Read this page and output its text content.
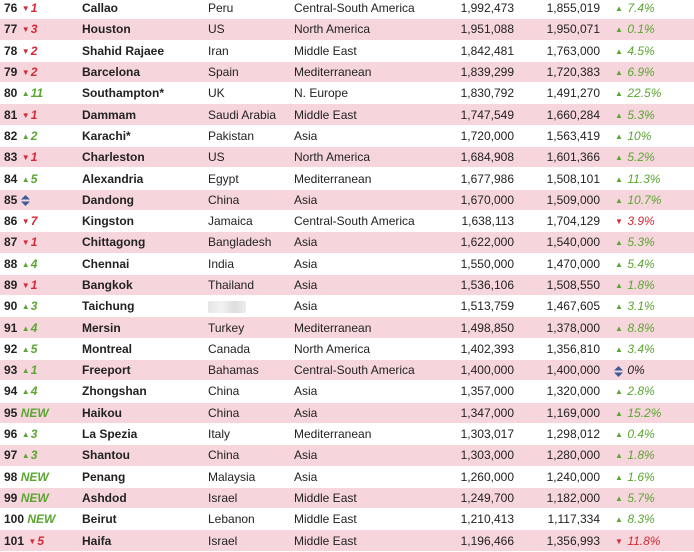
76 ▼1	Callao	Peru	Central-South America	1,992,473	1,855,019	▲ 7.4%
77 ▼3	Houston	US	North America	1,951,088	1,950,071	▲ 0.1%
78 ▼2	Shahid Rajaee	Iran	Middle East	1,842,481	1,763,000	▲ 4.5%
79 ▼2	Barcelona	Spain	Mediterranean	1,839,299	1,720,383	▲ 6.9%
80 ▲11	Southampton*	UK	N. Europe	1,830,792	1,491,270	▲ 22.5%
81 ▼1	Dammam	Saudi Arabia	Middle East	1,747,549	1,660,284	▲ 5.3%
82 ▲2	Karachi*	Pakistan	Asia	1,720,000	1,563,419	▲ 10%
83 ▼1	Charleston	US	North America	1,684,908	1,601,366	▲ 5.2%
84 ▲5	Alexandria	Egypt	Mediterranean	1,677,986	1,508,101	▲ 11.3%
85	Dandong	China	Asia	1,670,000	1,509,000	▲ 10.7%
86 ▼7	Kingston	Jamaica	Central-South America	1,638,113	1,704,129	▼ 3.9%
87 ▼1	Chittagong	Bangladesh	Asia	1,622,000	1,540,000	▲ 5.3%
88 ▲4	Chennai	India	Asia	1,550,000	1,470,000	▲ 5.4%
89 ▼1	Bangkok	Thailand	Asia	1,536,106	1,508,550	▲ 1.8%
90 ▲3	Taichung		Asia	1,513,759	1,467,605	▲ 3.1%
91 ▲4	Mersin	Turkey	Mediterranean	1,498,850	1,378,000	▲ 8.8%
92 ▲5	Montreal	Canada	North America	1,402,393	1,356,810	▲ 3.4%
93 ▲1	Freeport	Bahamas	Central-South America	1,400,000	1,400,000	0%
94 ▲4	Zhongshan	China	Asia	1,357,000	1,320,000	▲ 2.8%
95 NEW	Haikou	China	Asia	1,347,000	1,169,000	▲ 15.2%
96 ▲3	La Spezia	Italy	Mediterranean	1,303,017	1,298,012	▲ 0.4%
97 ▲3	Shantou	China	Asia	1,303,000	1,280,000	▲ 1.8%
98 NEW	Penang	Malaysia	Asia	1,260,000	1,240,000	▲ 1.6%
99 NEW	Ashdod	Israel	Middle East	1,249,700	1,182,000	▲ 5.7%
100 NEW	Beirut	Lebanon	Middle East	1,210,413	1,117,334	▲ 8.3%
101 ▼5	Haifa	Israel	Middle East	1,196,466	1,356,993	▼ 11.8%
